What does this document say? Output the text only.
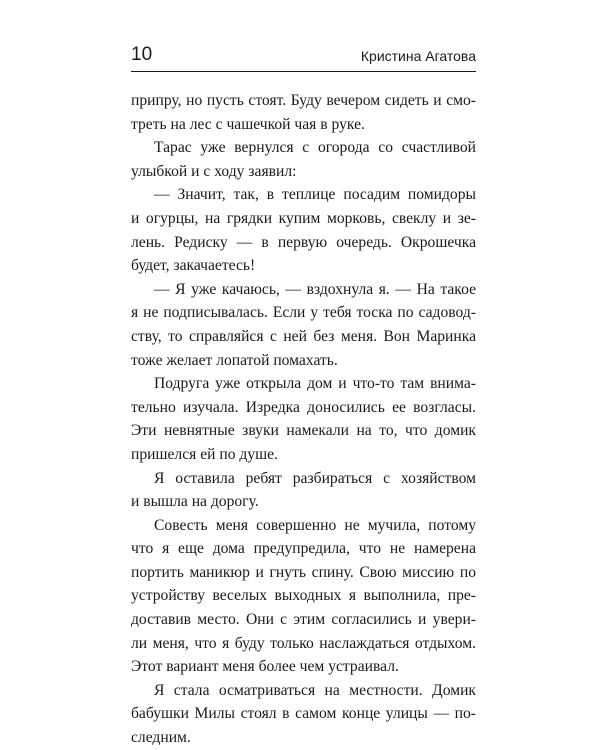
10	Кристина Агатова
припру, но пусть стоят. Буду вечером сидеть и смо-
треть на лес с чашечкой чая в руке.
Тарас уже вернулся с огорода со счастливой
улыбкой и с ходу заявил:
— Значит, так, в теплице посадим помидоры
и огурцы, на грядки купим морковь, свеклу и зе-
лень. Редиску — в первую очередь. Окрошечка
будет, закачаетесь!
— Я уже качаюсь, — вздохнула я. — На такое
я не подписывалась. Если у тебя тоска по садовод-
ству, то справляйся с ней без меня. Вон Маринка
тоже желает лопатой помахать.
Подруга уже открыла дом и что-то там внима-
тельно изучала. Изредка доносились ее возгласы.
Эти невнятные звуки намекали на то, что домик
пришелся ей по душе.
Я оставила ребят разбираться с хозяйством
и вышла на дорогу.
Совесть меня совершенно не мучила, потому
что я еще дома предупредила, что не намерена
портить маникюр и гнуть спину. Свою миссию по
устройству веселых выходных я выполнила, пре-
доставив место. Они с этим согласились и увери-
ли меня, что я буду только наслаждаться отдыхом.
Этот вариант меня более чем устраивал.
Я стала осматриваться на местности. Домик
бабушки Милы стоял в самом конце улицы — по-
следним.
